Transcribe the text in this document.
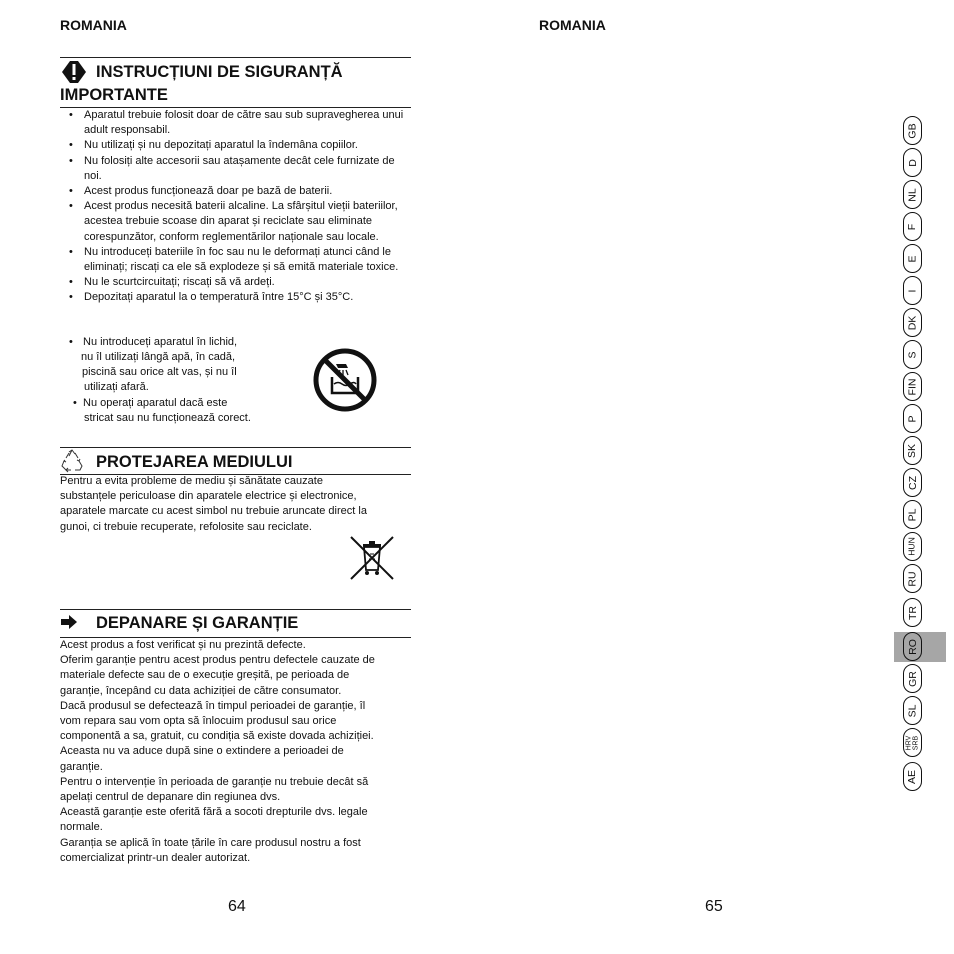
ROMANIA	ROMANIA
INSTRUCȚIUNI DE SIGURANȚĂ
IMPORTANTE
• Aparatul trebuie folosit doar de către sau sub supravegherea unui adult responsabil.
• Nu utilizați și nu depozitați aparatul la îndemâna copiilor.
• Nu folosiți alte accesorii sau atașamente decât cele furnizate de noi.
• Acest produs funcționează doar pe bază de baterii.
• Acest produs necesită baterii alcaline. La sfârșitul vieții bateriilor, acestea trebuie scoase din aparat și reciclate sau eliminate corespunzător, conform reglementărilor naționale sau locale.
• Nu introduceți bateriile în foc sau nu le deformați atunci când le eliminați; riscați ca ele să explodeze și să emită materiale toxice.
• Nu le scurtcircuitați; riscați să vă ardeți.
• Depozitați aparatul la o temperatură între 15°C și 35°C.
• Nu introduceți aparatul în lichid,
nu îl utilizați lângă apă, în cadă,
piscină sau orice alt vas, și nu îl
utilizați afară.
• Nu operați aparatul dacă este
stricat sau nu funcționează corect.
PROTEJAREA MEDIULUI

Pentru a evita probleme de mediu și sănătate cauzate

substanțele periculoase din aparatele electrice și electronice,

aparatele marcate cu acest simbol nu trebuie aruncate direct la

gunoi, ci trebuie recuperate, refolosite sau reciclate.

DEPANARE ȘI GARANȚIE

Acest produs a fost verificat și nu prezintă defecte.

Oferim garanție pentru acest produs pentru defectele cauzate de

materiale defecte sau de o execuție greșită, pe perioada de

garanție, începând cu data achiziției de către consumator.

Dacă produsul se defectează în timpul perioadei de garanție, îl

vom repara sau vom opta să înlocuim produsul sau orice

componentă a sa, gratuit, cu condiția să existe dovada achiziției.

Aceasta nu va aduce după sine o extindere a perioadei de

garanție.

Pentru o intervenție în perioada de garanție nu trebuie decât să

apelați centrul de depanare din regiunea dvs.

Această garanție este oferită fără a socoti drepturile dvs. legale

normale.

Garanția se aplică în toate țările în care produsul nostru a fost

comercializat printr-un dealer autorizat.

64	65
GB
D
NL
F
E
I
DK
S
FIN
P
SK
CZ
PL
HUN
RU
TR
RO
GR
SL
HRV SRB
AE
